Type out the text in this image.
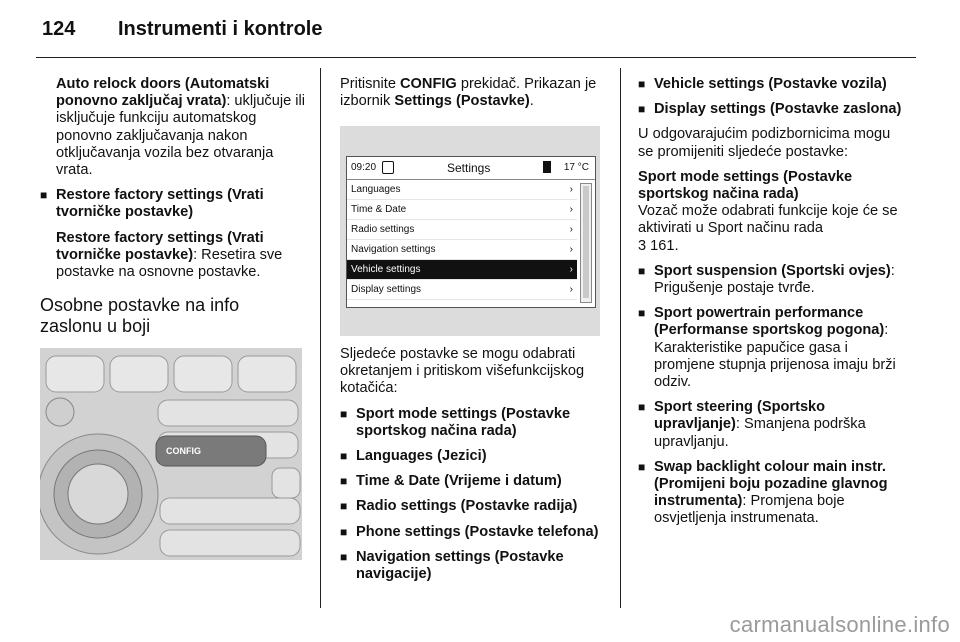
124 Instrumenti i kontrole

Auto relock doors (Automatski ponovno zaključaj vrata): uključuje ili isključuje funkciju automatskog ponovno zaključavanja nakon otključavanja vozila bez otvaranja vrata.

■ Restore factory settings (Vrati tvorničke postavke)

Restore factory settings (Vrati tvorničke postavke): Resetira sve postavke na osnovne postavke.

Osobne postavke na info zaslonu u boji
CONFIG

Pritisnite CONFIG prekidač. Prikazan je izbornik Settings (Postavke).

09:20	Settings	17 °C
Languages	›
Time & Date	›
Radio settings	›
Navigation settings	›
Vehicle settings	›
Display settings	›

Sljedeće postavke se mogu odabrati okretanjem i pritiskom višefunkcijskog kotačića:

■ Sport mode settings (Postavke sportskog načina rada)
■ Languages (Jezici)
■ Time & Date (Vrijeme i datum)
■ Radio settings (Postavke radija)
■ Phone settings (Postavke telefona)
■ Navigation settings (Postavke navigacije)
■ Vehicle settings (Postavke vozila)
■ Display settings (Postavke zaslona)

U odgovarajućim podizbornicima mogu se promijeniti sljedeće postavke:

Sport mode settings (Postavke sportskog načina rada)

Vozač može odabrati funkcije koje će se aktivirati u Sport načinu rada
3 161.

■ Sport suspension (Sportski ovjes): Prigušenje postaje tvrđe.
■ Sport powertrain performance (Performanse sportskog pogona): Karakteristike papučice gasa i promjene stupnja prijenosa imaju brži odziv.
■ Sport steering (Sportsko upravljanje): Smanjena podrška upravljanju.
■ Swap backlight colour main instr. (Promijeni boju pozadine glavnog instrumenta): Promjena boje osvjetljenja instrumenata.
carmanualsonline.info
